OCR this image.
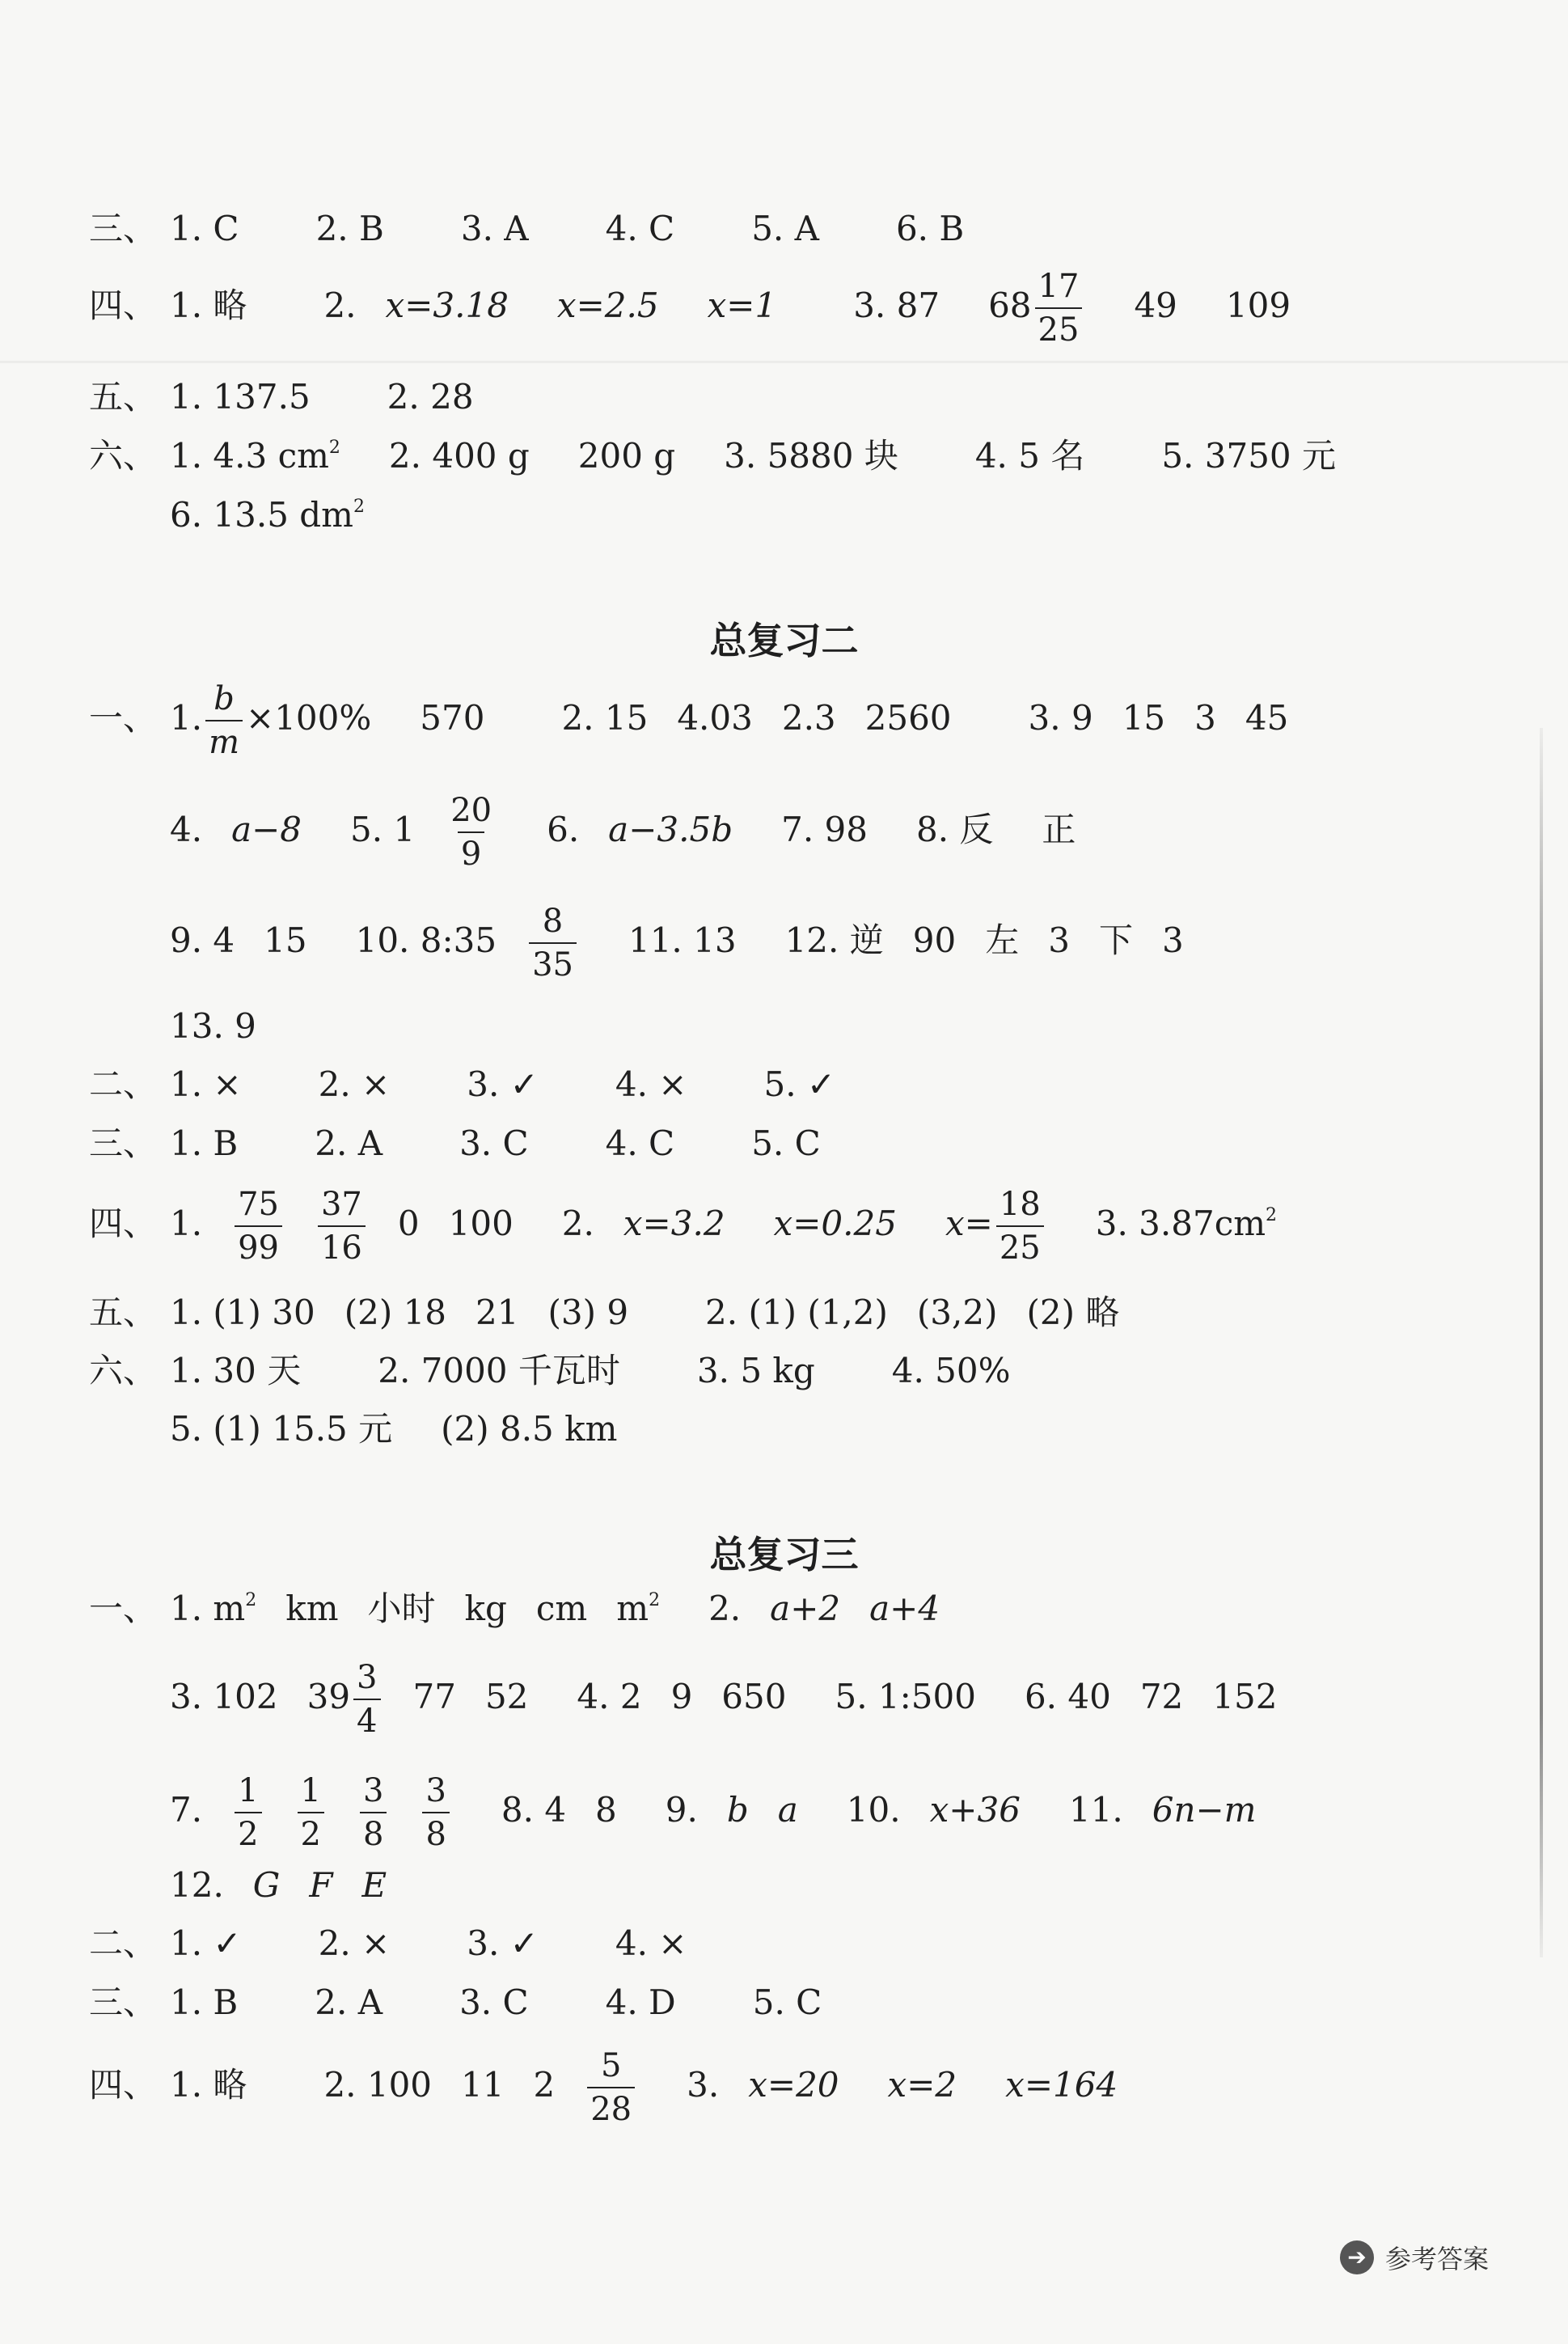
三、 1. C 2. B 3. A 4. C 5. A 6. B
四、 1. 略 2. x=3.18 x=2.5 x=1 3. 87 $68 \frac{17}{25} 49$ 109
五、 1. 137.5 2. 28
六、 1. 4.3 $cm^2$ 2. 400 g 200 g 3. 5880 块 4. 5 名 5. 3750 元
6. 13.5 $dm^2$
总复习二
一、 1. $\frac{b}{m} \times 100\%$ 570 2. 15 4.03 2.3 2560 3. 9 15 3 45
4. a−8 5. $1 \frac{20}{9} 6$. a−3.5b 7. 98 8. 反 正
9. 4 15 10. 8:35 $\frac{8}{35} 11$. 13 12. 逆 90 左 3 下 3
13. 9
二、 1. × 2. × 3. ✓ 4. × 5. ✓
三、 1. B 2. A 3. C 4. C 5. C
四、 1. $\frac{75}{99} \frac{37}{16} 0$ 100 2. x=3.2 x=0.25 $x= \frac{18}{25} 3$. $3.87cm^2$
五、 1. (1) 30 (2) 18 21 (3) 9 2. (1) (1,2) (3,2) (2) 略
六、 1. 30 天 2. 7000 千瓦时 3. 5 kg 4. 50%
5. (1) 15.5 元 (2) 8.5 km
总复习三
一、 1. $m^2$ km 小时 kg cm $m^2$ 2. a+2 a+4
3. 102 $39 \frac{3}{4} 77$ 52 4. 2 9 650 5. 1:500 6. 40 72 152
7. $\frac{1}{2} \frac{1}{2} \frac{3}{8} \frac{3}{8} 8$. 4 8 9. b a 10. x+36 11. 6n−m
12. G F E
二、 1. ✓ 2. × 3. ✓ 4. ×
三、 1. B 2. A 3. C 4. D 5. C
四、 1. 略 2. 100 11 $2 \frac{5}{28} 3$. x=20 x=2 x=164
➔ 参考答案
